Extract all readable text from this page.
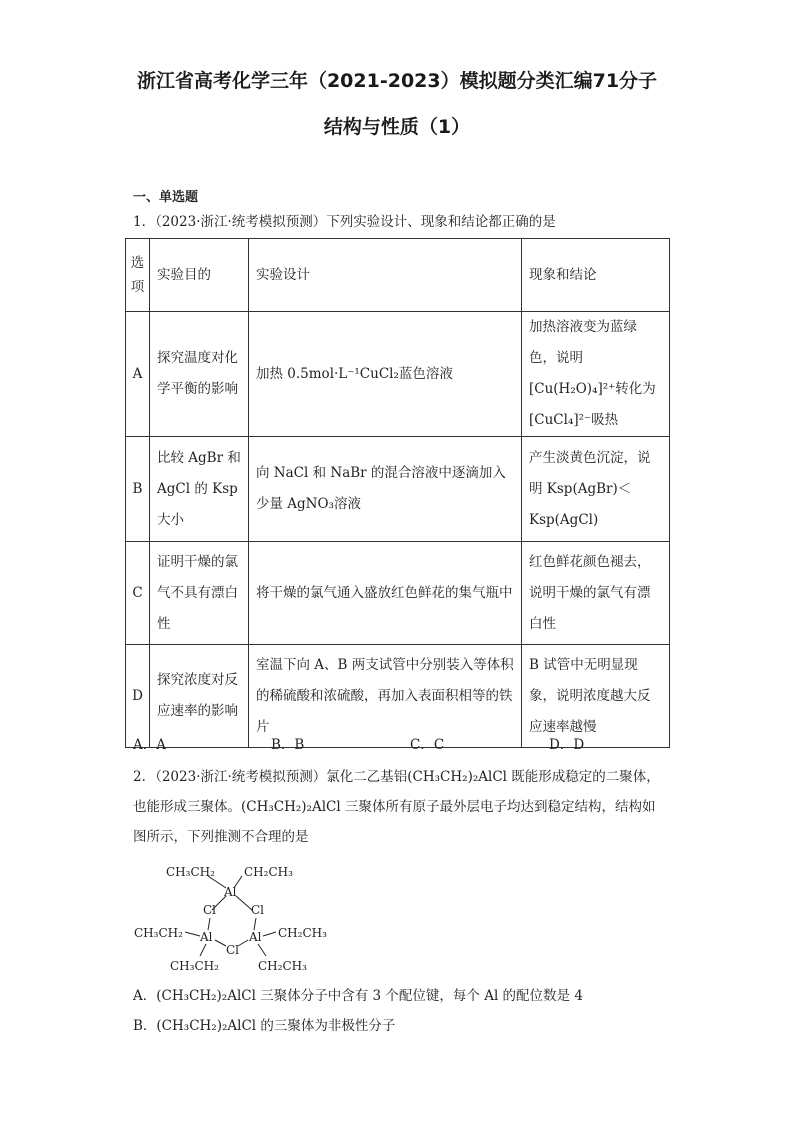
浙江省高考化学三年（2021-2023）模拟题分类汇编71分子
结构与性质（1）
一、单选题
1．（2023·浙江·统考模拟预测）下列实验设计、现象和结论都正确的是
选项	实验目的	实验设计	现象和结论
A	探究温度对化学平衡的影响	加热 0.5mol·L⁻¹CuCl₂蓝色溶液	加热溶液变为蓝绿色，说明[Cu(H₂O)₄]²⁺转化为[CuCl₄]²⁻吸热
B	比较 AgBr 和 AgCl 的 Ksp大小	向 NaCl 和 NaBr 的混合溶液中逐滴加入少量 AgNO₃溶液	产生淡黄色沉淀，说明 Ksp(AgBr)＜Ksp(AgCl)
C	证明干燥的氯气不具有漂白性	将干燥的氯气通入盛放红色鲜花的集气瓶中	红色鲜花颜色褪去，说明干燥的氯气有漂白性
D	探究浓度对反应速率的影响	室温下向 A、B 两支试管中分别装入等体积的稀硫酸和浓硫酸，再加入表面积相等的铁片	B 试管中无明显现象，说明浓度越大反应速率越慢
A．A	B．B	C．C	D．D
2．（2023·浙江·统考模拟预测）氯化二乙基铝(CH₃CH₂)₂AlCl 既能形成稳定的二聚体，
也能形成三聚体。(CH₃CH₂)₂AlCl 三聚体所有原子最外层电子均达到稳定结构，结构如
图所示，下列推测不合理的是
CH₃CH₂ CH₂CH₃
Al
Cl	Cl
CH₃CH₂ Al	Al CH₂CH₃
Cl
CH₃CH₂	CH₂CH₃
A．(CH₃CH₂)₂AlCl 三聚体分子中含有 3 个配位键，每个 Al 的配位数是 4
B．(CH₃CH₂)₂AlCl 的三聚体为非极性分子
